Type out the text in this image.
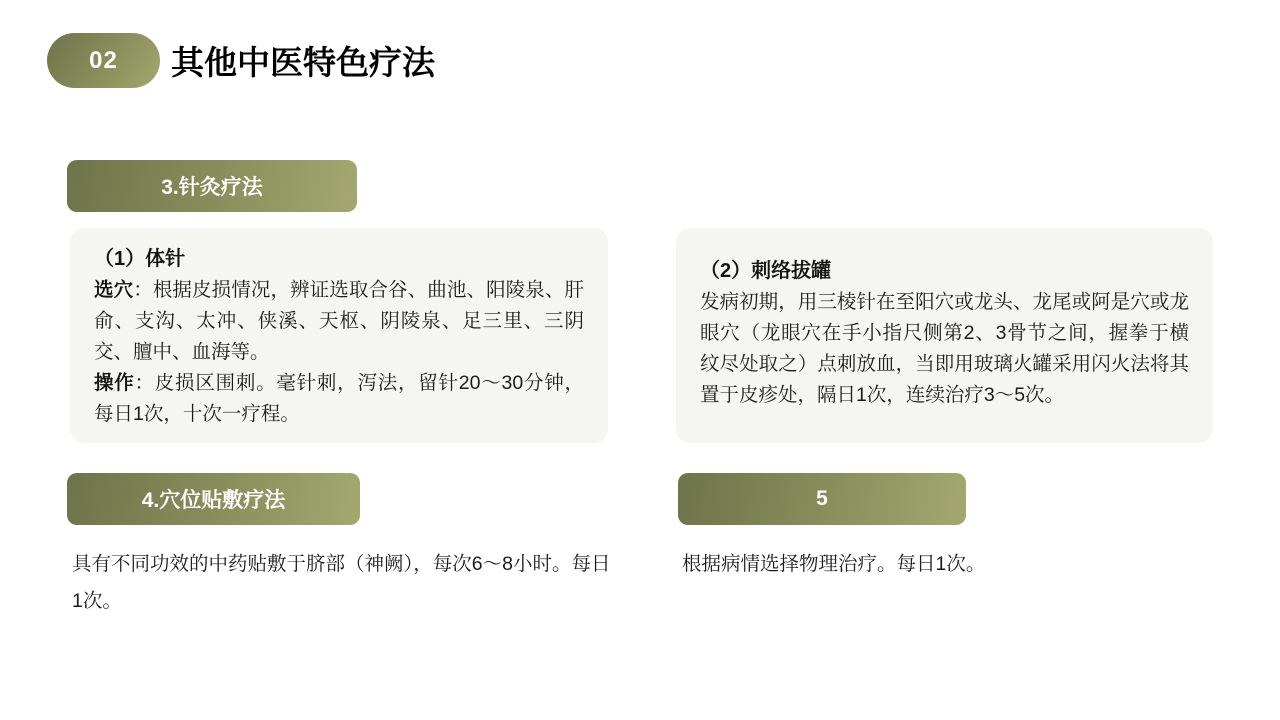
02 其他中医特色疗法
3.针灸疗法
（1）体针
选穴：根据皮损情况，辨证选取合谷、曲池、阳陵泉、肝俞、支沟、太冲、侠溪、天枢、阴陵泉、足三里、三阴交、膻中、血海等。
操作：皮损区围刺。毫针刺，泻法，留针20～30分钟，每日1次，十次一疗程。
（2）刺络拔罐
发病初期，用三棱针在至阳穴或龙头、龙尾或阿是穴或龙眼穴（龙眼穴在手小指尺侧第2、3骨节之间，握拳于横纹尽处取之）点刺放血，当即用玻璃火罐采用闪火法将其置于皮疹处，隔日1次，连续治疗3～5次。
4.穴位贴敷疗法	5
具有不同功效的中药贴敷于脐部（神阙），每次6～8小时。每日1次。
根据病情选择物理治疗。每日1次。
